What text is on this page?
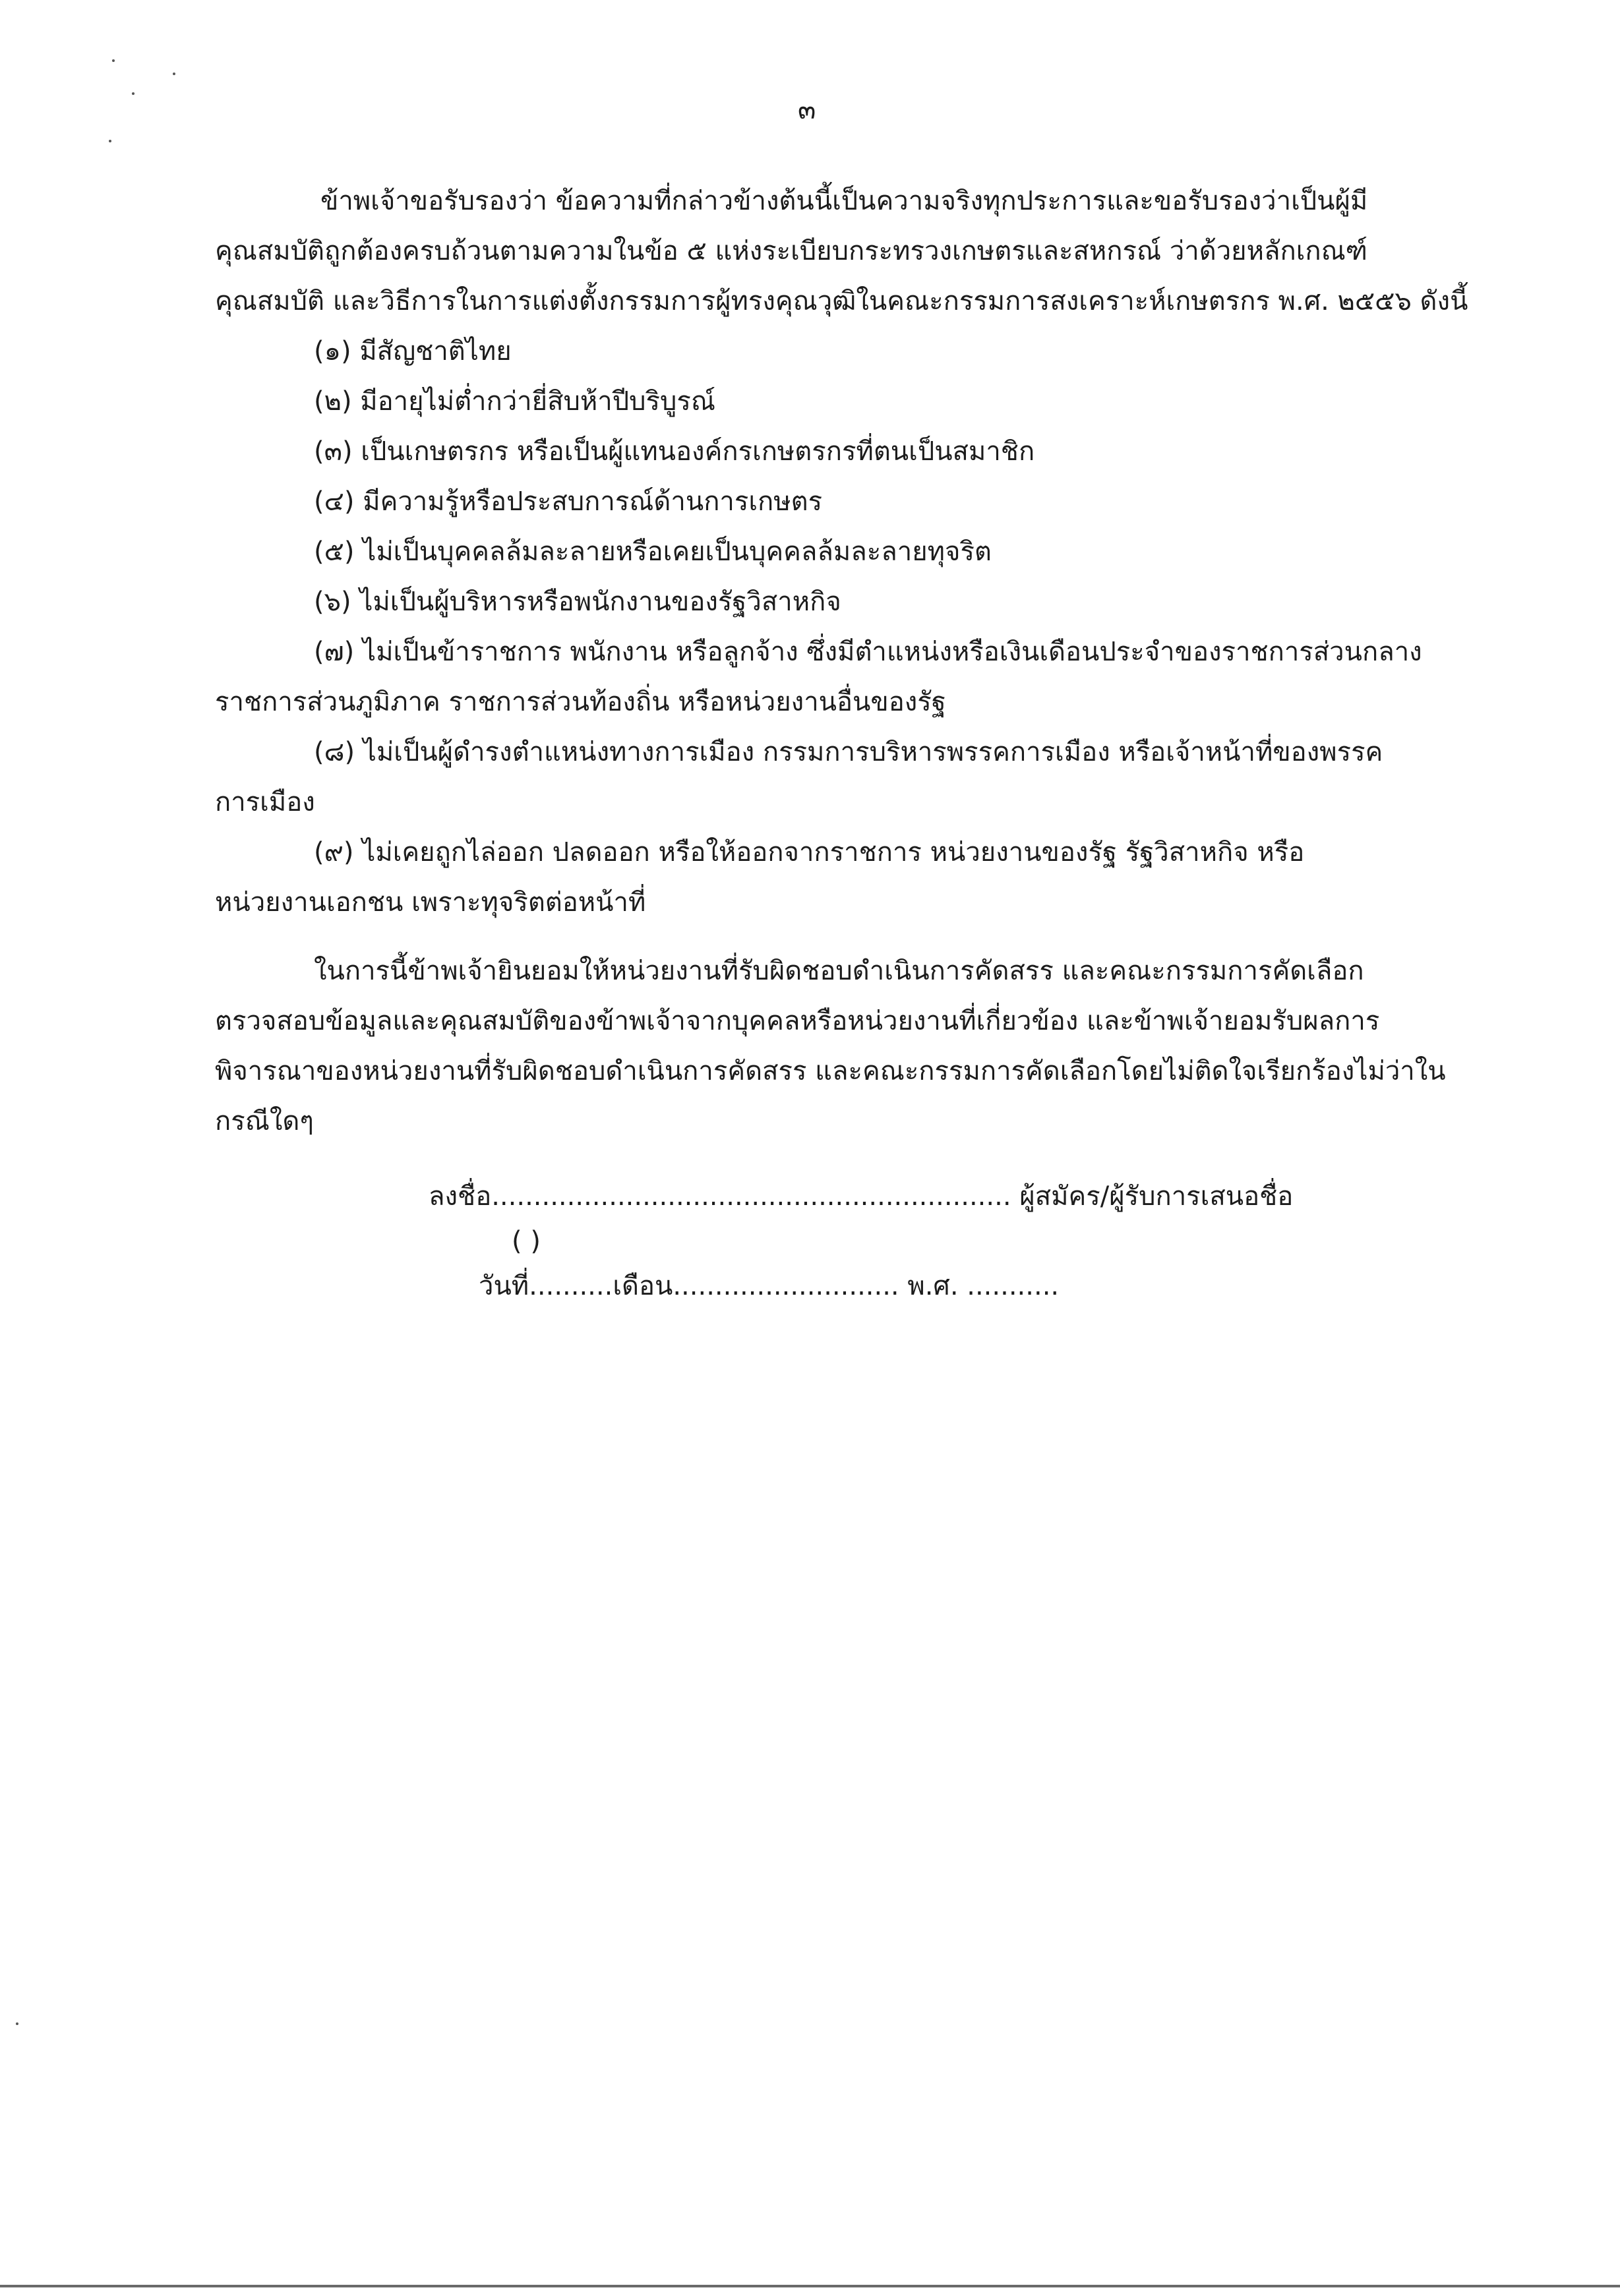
๓
ข้าพเจ้าขอรับรองว่า ข้อความที่กล่าวข้างต้นนี้เป็นความจริงทุกประการและขอรับรองว่าเป็นผู้มี
คุณสมบัติถูกต้องครบถ้วนตามความในข้อ ๕ แห่งระเบียบกระทรวงเกษตรและสหกรณ์ ว่าด้วยหลักเกณฑ์
คุณสมบัติ และวิธีการในการแต่งตั้งกรรมการผู้ทรงคุณวุฒิในคณะกรรมการสงเคราะห์เกษตรกร พ.ศ. ๒๕๕๖ ดังนี้
(๑) มีสัญชาติไทย
(๒) มีอายุไม่ต่ำกว่ายี่สิบห้าปีบริบูรณ์
(๓) เป็นเกษตรกร หรือเป็นผู้แทนองค์กรเกษตรกรที่ตนเป็นสมาชิก
(๔) มีความรู้หรือประสบการณ์ด้านการเกษตร
(๕) ไม่เป็นบุคคลล้มละลายหรือเคยเป็นบุคคลล้มละลายทุจริต
(๖) ไม่เป็นผู้บริหารหรือพนักงานของรัฐวิสาหกิจ
(๗) ไม่เป็นข้าราชการ พนักงาน หรือลูกจ้าง ซึ่งมีตำแหน่งหรือเงินเดือนประจำของราชการส่วนกลาง
ราชการส่วนภูมิภาค ราชการส่วนท้องถิ่น หรือหน่วยงานอื่นของรัฐ
(๘) ไม่เป็นผู้ดำรงตำแหน่งทางการเมือง กรรมการบริหารพรรคการเมือง หรือเจ้าหน้าที่ของพรรค
การเมือง
(๙) ไม่เคยถูกไล่ออก ปลดออก หรือให้ออกจากราชการ หน่วยงานของรัฐ รัฐวิสาหกิจ หรือ
หน่วยงานเอกชน เพราะทุจริตต่อหน้าที่
ในการนี้ข้าพเจ้ายินยอมให้หน่วยงานที่รับผิดชอบดำเนินการคัดสรร และคณะกรรมการคัดเลือก
ตรวจสอบข้อมูลและคุณสมบัติของข้าพเจ้าจากบุคคลหรือหน่วยงานที่เกี่ยวข้อง และข้าพเจ้ายอมรับผลการ
พิจารณาของหน่วยงานที่รับผิดชอบดำเนินการคัดสรร และคณะกรรมการคัดเลือกโดยไม่ติดใจเรียกร้องไม่ว่าใน
กรณีใดๆ
ลงชื่อ.............................................................. ผู้สมัคร/ผู้รับการเสนอชื่อ
( )
วันที่..........เดือน........................... พ.ศ. ...........
